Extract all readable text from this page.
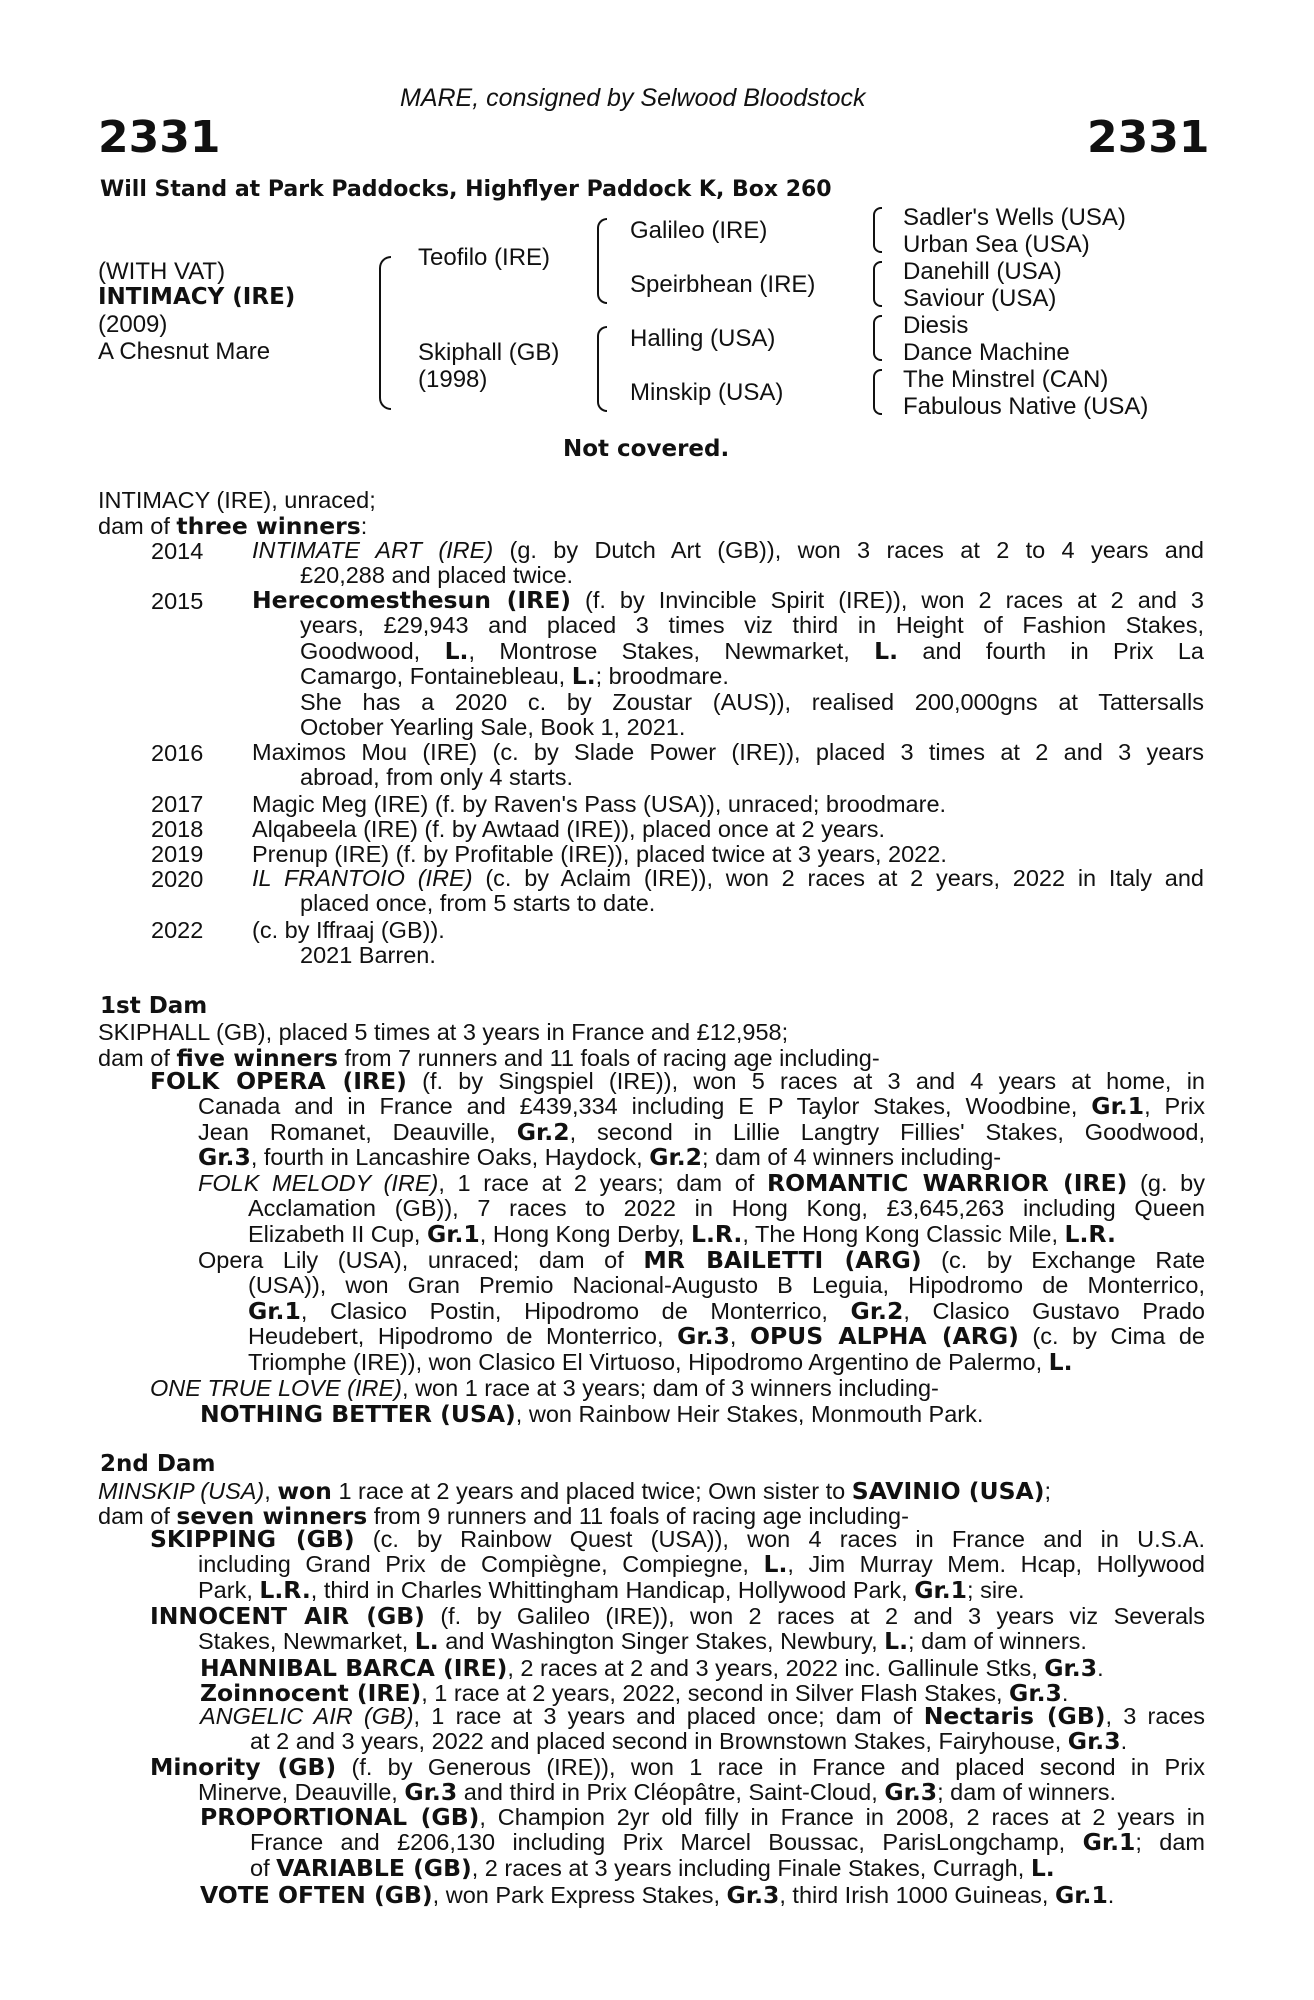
MARE, consigned by Selwood Bloodstock
2331	2331
Will Stand at Park Paddocks, Highflyer Paddock K, Box 260
(WITH VAT)
INTIMACY (IRE)
(2009)
A Chesnut Mare
Teofilo (IRE)
Skiphall (GB)
(1998)
Galileo (IRE)
Speirbhean (IRE)
Halling (USA)
Minskip (USA)
Sadler's Wells (USA)
Urban Sea (USA)
Danehill (USA)
Saviour (USA)
Diesis
Dance Machine
The Minstrel (CAN)
Fabulous Native (USA)
Not covered.
INTIMACY (IRE), unraced;
dam of three winners:
2014	INTIMATE ART (IRE) (g. by Dutch Art (GB)), won 3 races at 2 to 4 years and
£20,288 and placed twice.
2015	Herecomesthesun (IRE) (f. by Invincible Spirit (IRE)), won 2 races at 2 and 3
years, £29,943 and placed 3 times viz third in Height of Fashion Stakes,
Goodwood, L., Montrose Stakes, Newmarket, L. and fourth in Prix La
Camargo, Fontainebleau, L.; broodmare.
She has a 2020 c. by Zoustar (AUS)), realised 200,000gns at Tattersalls
October Yearling Sale, Book 1, 2021.
2016	Maximos Mou (IRE) (c. by Slade Power (IRE)), placed 3 times at 2 and 3 years
abroad, from only 4 starts.
2017	Magic Meg (IRE) (f. by Raven's Pass (USA)), unraced; broodmare.
2018	Alqabeela (IRE) (f. by Awtaad (IRE)), placed once at 2 years.
2019	Prenup (IRE) (f. by Profitable (IRE)), placed twice at 3 years, 2022.
2020	IL FRANTOIO (IRE) (c. by Aclaim (IRE)), won 2 races at 2 years, 2022 in Italy and
placed once, from 5 starts to date.
2022	(c. by Iffraaj (GB)).
2021 Barren.
1st Dam
SKIPHALL (GB), placed 5 times at 3 years in France and £12,958;
dam of five winners from 7 runners and 11 foals of racing age including-
FOLK OPERA (IRE) (f. by Singspiel (IRE)), won 5 races at 3 and 4 years at home, in
Canada and in France and £439,334 including E P Taylor Stakes, Woodbine, Gr.1, Prix
Jean Romanet, Deauville, Gr.2, second in Lillie Langtry Fillies' Stakes, Goodwood,
Gr.3, fourth in Lancashire Oaks, Haydock, Gr.2; dam of 4 winners including-
FOLK MELODY (IRE), 1 race at 2 years; dam of ROMANTIC WARRIOR (IRE) (g. by
Acclamation (GB)), 7 races to 2022 in Hong Kong, £3,645,263 including Queen
Elizabeth II Cup, Gr.1, Hong Kong Derby, L.R., The Hong Kong Classic Mile, L.R.
Opera Lily (USA), unraced; dam of MR BAILETTI (ARG) (c. by Exchange Rate
(USA)), won Gran Premio Nacional-Augusto B Leguia, Hipodromo de Monterrico,
Gr.1, Clasico Postin, Hipodromo de Monterrico, Gr.2, Clasico Gustavo Prado
Heudebert, Hipodromo de Monterrico, Gr.3, OPUS ALPHA (ARG) (c. by Cima de
Triomphe (IRE)), won Clasico El Virtuoso, Hipodromo Argentino de Palermo, L.
ONE TRUE LOVE (IRE), won 1 race at 3 years; dam of 3 winners including-
NOTHING BETTER (USA), won Rainbow Heir Stakes, Monmouth Park.
2nd Dam
MINSKIP (USA), won 1 race at 2 years and placed twice; Own sister to SAVINIO (USA);
dam of seven winners from 9 runners and 11 foals of racing age including-
SKIPPING (GB) (c. by Rainbow Quest (USA)), won 4 races in France and in U.S.A.
including Grand Prix de Compiègne, Compiegne, L., Jim Murray Mem. Hcap, Hollywood
Park, L.R., third in Charles Whittingham Handicap, Hollywood Park, Gr.1; sire.
INNOCENT AIR (GB) (f. by Galileo (IRE)), won 2 races at 2 and 3 years viz Severals
Stakes, Newmarket, L. and Washington Singer Stakes, Newbury, L.; dam of winners.
HANNIBAL BARCA (IRE), 2 races at 2 and 3 years, 2022 inc. Gallinule Stks, Gr.3.
Zoinnocent (IRE), 1 race at 2 years, 2022, second in Silver Flash Stakes, Gr.3.
ANGELIC AIR (GB), 1 race at 3 years and placed once; dam of Nectaris (GB), 3 races
at 2 and 3 years, 2022 and placed second in Brownstown Stakes, Fairyhouse, Gr.3.
Minority (GB) (f. by Generous (IRE)), won 1 race in France and placed second in Prix
Minerve, Deauville, Gr.3 and third in Prix Cléopâtre, Saint-Cloud, Gr.3; dam of winners.
PROPORTIONAL (GB), Champion 2yr old filly in France in 2008, 2 races at 2 years in
France and £206,130 including Prix Marcel Boussac, ParisLongchamp, Gr.1; dam
of VARIABLE (GB), 2 races at 3 years including Finale Stakes, Curragh, L.
VOTE OFTEN (GB), won Park Express Stakes, Gr.3, third Irish 1000 Guineas, Gr.1.
